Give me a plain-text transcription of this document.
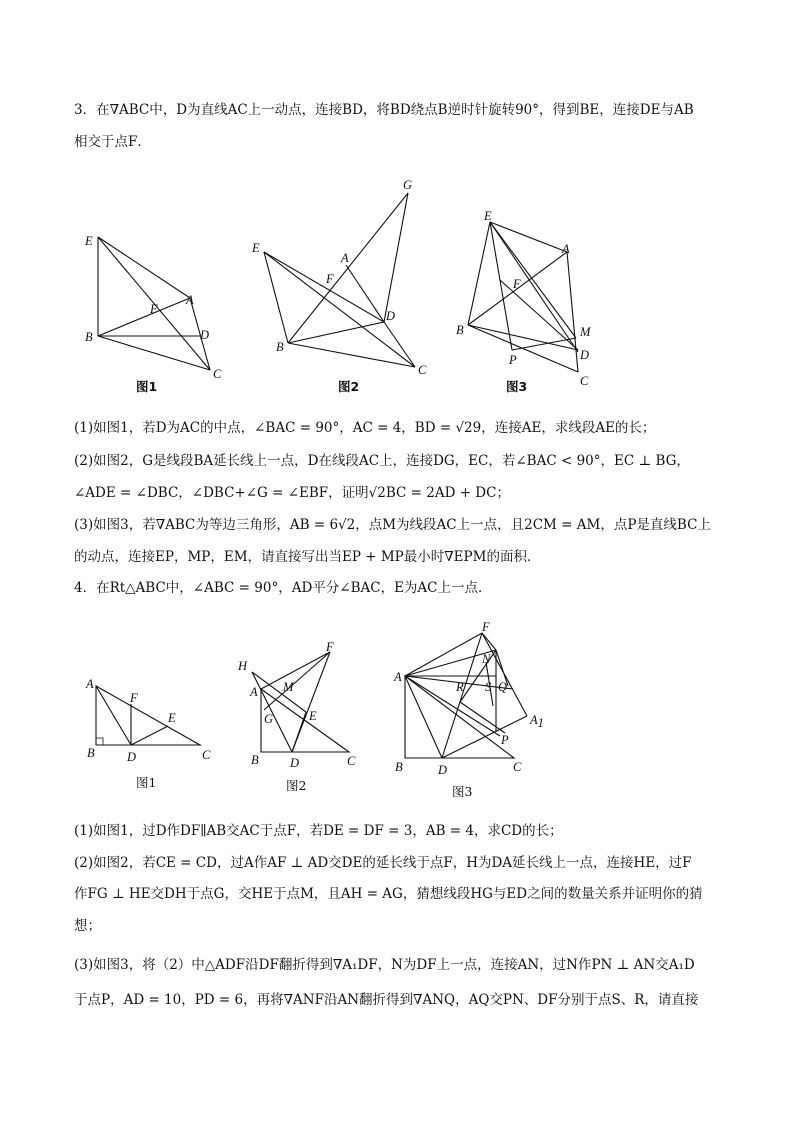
3．在∇ABC中，D为直线AC上一动点，连接BD，将BD绕点B逆时针旋转90°，得到BE，连接DE与AB
相交于点F．
E
A
F
B	D
C
G
E
A
F
D
B
C
E
A
F
B	M
P	D
C
A
F
E
B	D	C
H
F
A M
G	E
B	D	C
F
N
A
R S Q
A1
P
B	D	C
图1	图2	图3
(1)如图1，若D为AC的中点，∠BAC = 90°，AC = 4，BD = √29，连接AE，求线段AE的长；
(2)如图2，G是线段BA延长线上一点，D在线段AC上，连接DG，EC，若∠BAC < 90°，EC ⊥ BG，
∠ADE = ∠DBC，∠DBC+∠G = ∠EBF，证明√2BC = 2AD + DC；
(3)如图3，若∇ABC为等边三角形，AB = 6√2，点M为线段AC上一点，且2CM = AM，点P是直线BC上
的动点，连接EP，MP，EM，请直接写出当EP + MP最小时∇EPM的面积．
4．在Rt△ABC中，∠ABC = 90°，AD平分∠BAC，E为AC上一点．
图1	图2	图3
(1)如图1，过D作DF∥AB交AC于点F，若DE = DF = 3，AB = 4，求CD的长；
(2)如图2，若CE = CD，过A作AF ⊥ AD交DE的延长线于点F，H为DA延长线上一点，连接HE，过F
作FG ⊥ HE交DH于点G，交HE于点M，且AH = AG，猜想线段HG与ED之间的数量关系并证明你的猜
想；
(3)如图3，将（2）中△ADF沿DF翻折得到∇A₁DF，N为DF上一点，连接AN，过N作PN ⊥ AN交A₁D
于点P，AD = 10，PD = 6，再将∇ANF沿AN翻折得到∇ANQ，AQ交PN、DF分别于点S、R，请直接
